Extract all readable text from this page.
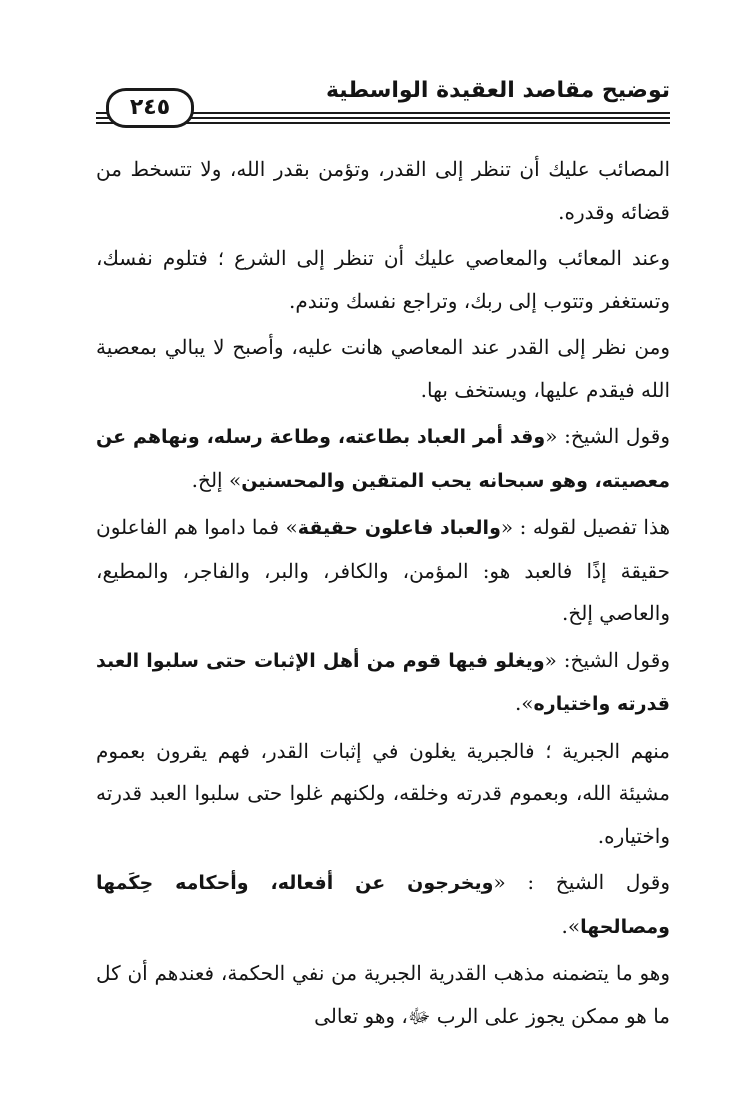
توضيح مقاصد العقيدة الواسطية
٢٤٥

المصائب عليك أن تنظر إلى القدر، وتؤمن بقدر الله، ولا تتسخط من قضائه وقدره.

وعند المعائب والمعاصي عليك أن تنظر إلى الشرع ؛ فتلوم نفسك، وتستغفر وتتوب إلى ربك، وتراجع نفسك وتندم.

ومن نظر إلى القدر عند المعاصي هانت عليه، وأصبح لا يبالي بمعصية الله فيقدم عليها، ويستخف بها.

وقول الشيخ: «وقد أمر العباد بطاعته، وطاعة رسله، ونهاهم عن معصيته، وهو سبحانه يحب المتقين والمحسنين» إلخ.

هذا تفصيل لقوله : «والعباد فاعلون حقيقة» فما داموا هم الفاعلون حقيقة إذًا فالعبد هو: المؤمن، والكافر، والبر، والفاجر، والمطيع، والعاصي إلخ.

وقول الشيخ: «ويغلو فيها قوم من أهل الإثبات حتى سلبوا العبد قدرته واختياره».

منهم الجبرية ؛ فالجبرية يغلون في إثبات القدر، فهم يقرون بعموم مشيئة الله، وبعموم قدرته وخلقه، ولكنهم غلوا حتى سلبوا العبد قدرته واختياره.

وقول الشيخ : «ويخرجون عن أفعاله، وأحكامه حِكَمها ومصالحها».

وهو ما يتضمنه مذهب القدرية الجبرية من نفي الحكمة، فعندهم أن كل ما هو ممكن يجوز على الرب ﷻ، وهو تعالى
